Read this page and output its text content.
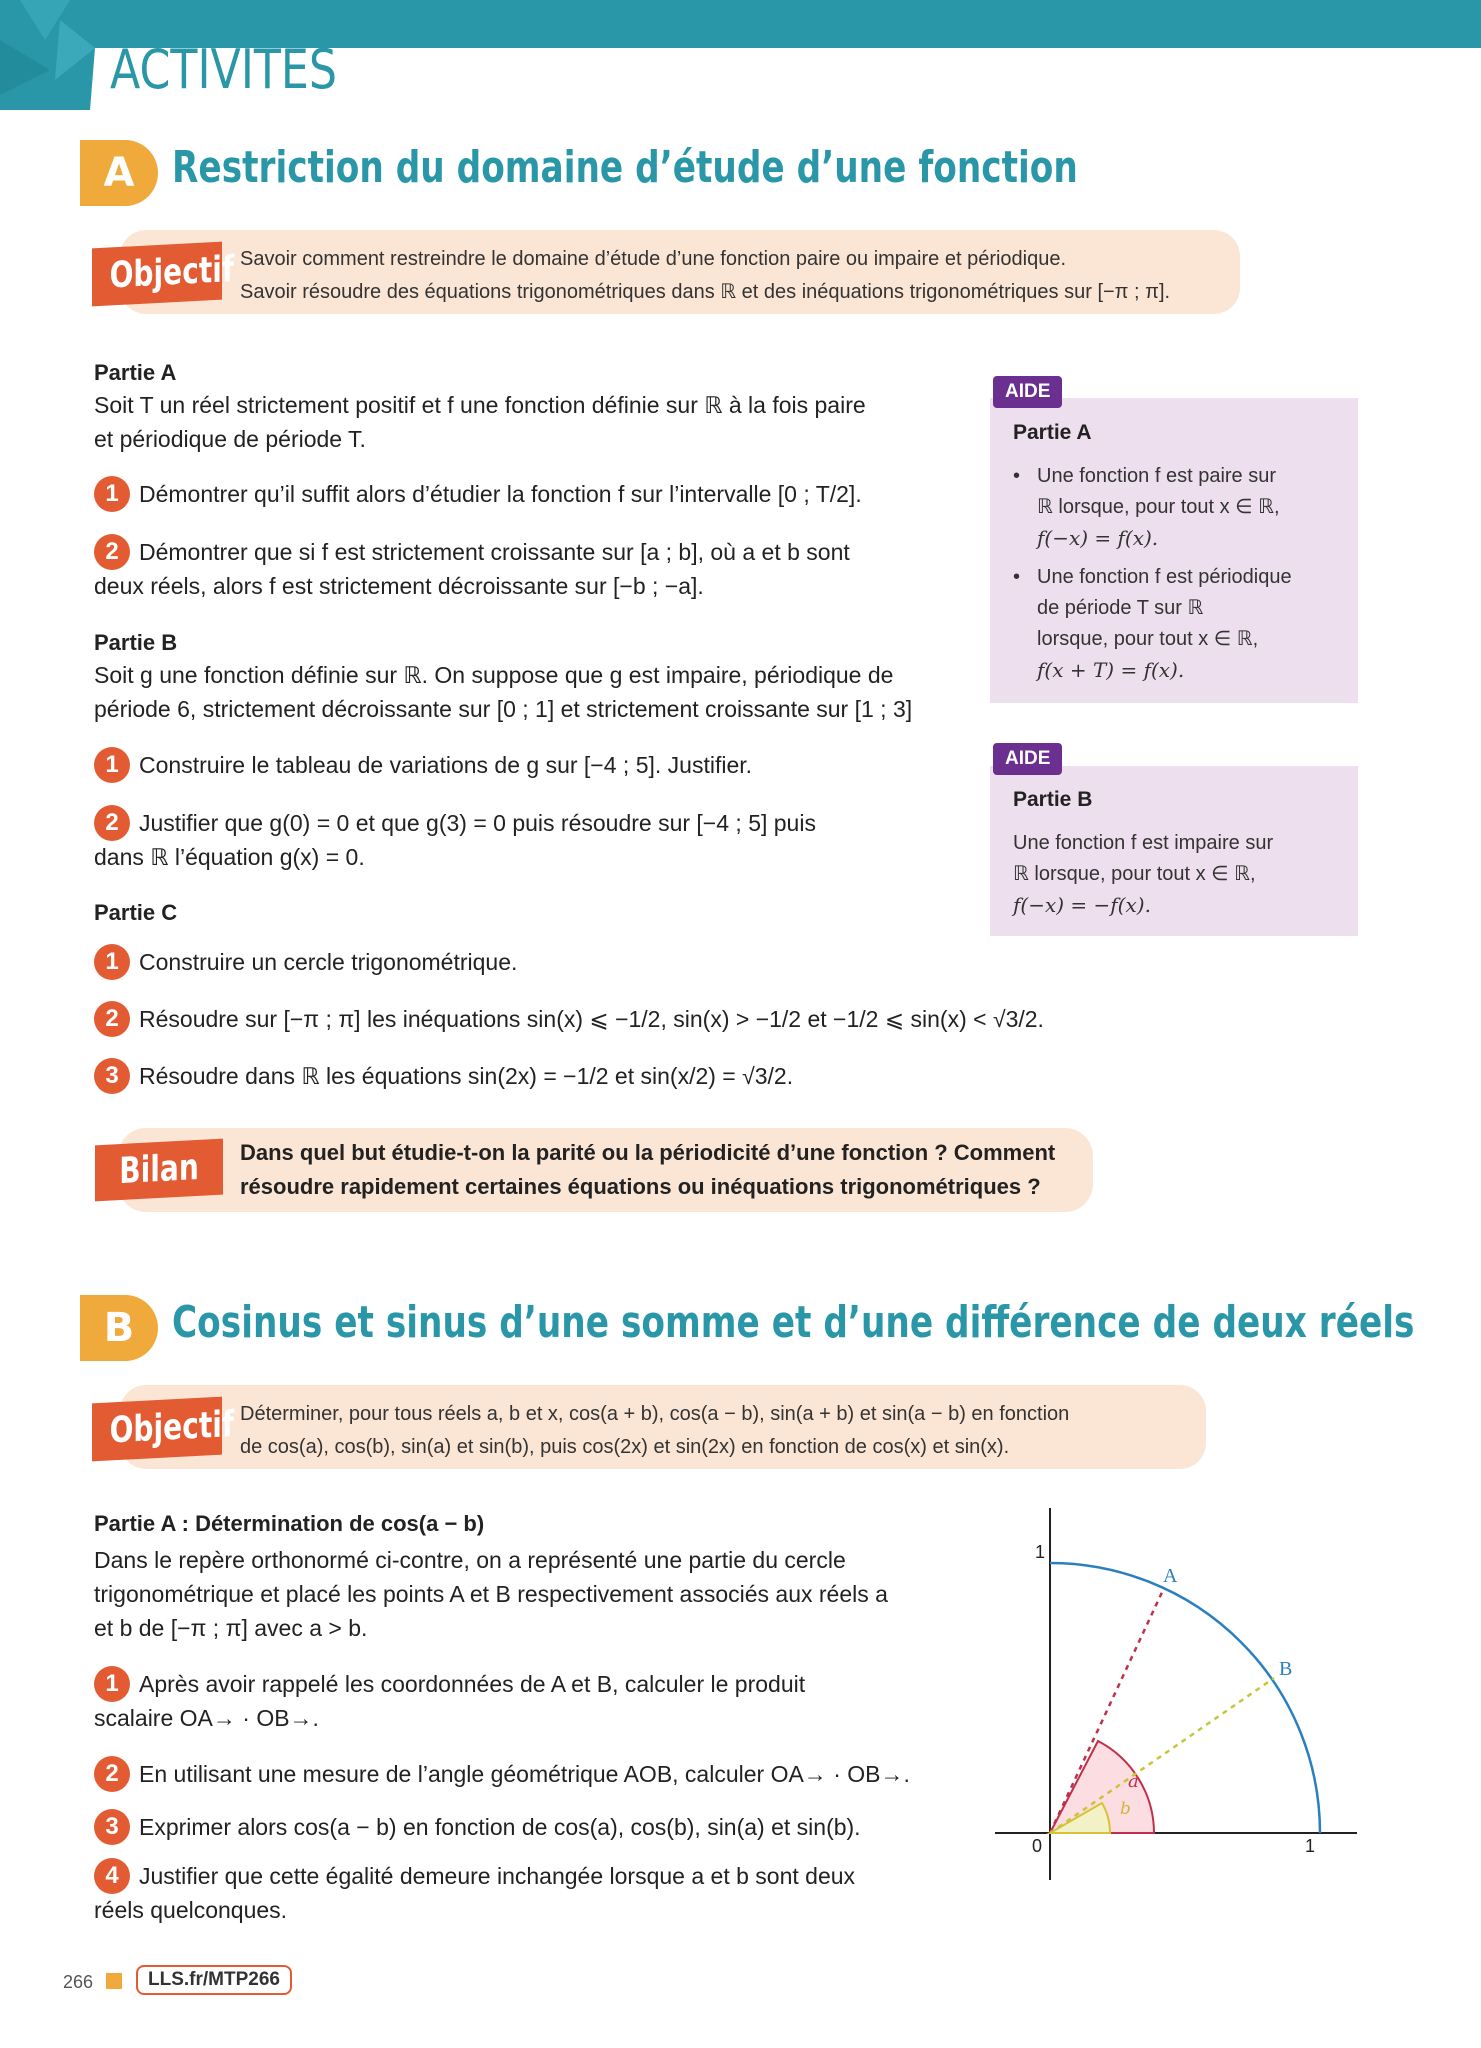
ACTIVITÉS
A Restriction du domaine d’étude d’une fonction
Objectif Savoir comment restreindre le domaine d’étude d’une fonction paire ou impaire et périodique.
Savoir résoudre des équations trigonométriques dans ℝ et des inéquations trigonométriques sur [−π ; π].
Partie A
Soit T un réel strictement positif et f une fonction définie sur ℝ à la fois paire
et périodique de période T.
1 Démontrer qu’il suffit alors d’étudier la fonction f sur l’intervalle [0 ; T/2].
2 Démontrer que si f est strictement croissante sur [a ; b], où a et b sont
deux réels, alors f est strictement décroissante sur [−b ; −a].
Partie B
Soit g une fonction définie sur ℝ. On suppose que g est impaire, périodique de
période 6, strictement décroissante sur [0 ; 1] et strictement croissante sur [1 ; 3]
1 Construire le tableau de variations de g sur [−4 ; 5]. Justifier.
2 Justifier que g(0) = 0 et que g(3) = 0 puis résoudre sur [−4 ; 5] puis
dans ℝ l’équation g(x) = 0.
Partie C
1 Construire un cercle trigonométrique.
2 Résoudre sur [−π ; π] les inéquations sin(x) ⩽ −1/2, sin(x) > −1/2 et −1/2 ⩽ sin(x) < √3/2.
3 Résoudre dans ℝ les équations sin(2x) = −1/2 et sin(x/2) = √3/2.
AIDE
Partie A
• Une fonction f est paire sur
ℝ lorsque, pour tout x ∈ ℝ,
f(−x) = f(x).
• Une fonction f est périodique
de période T sur ℝ
lorsque, pour tout x ∈ ℝ,
f(x + T) = f(x).
AIDE
Partie B
Une fonction f est impaire sur
ℝ lorsque, pour tout x ∈ ℝ,
f(−x) = −f(x).
Bilan	Dans quel but étudie-t-on la parité ou la périodicité d’une fonction ? Comment
résoudre rapidement certaines équations ou inéquations trigonométriques ?
B Cosinus et sinus d’une somme et d’une différence de deux réels
Objectif Déterminer, pour tous réels a, b et x, cos(a + b), cos(a − b), sin(a + b) et sin(a − b) en fonction
de cos(a), cos(b), sin(a) et sin(b), puis cos(2x) et sin(2x) en fonction de cos(x) et sin(x).
Partie A : Détermination de cos(a − b)
Dans le repère orthonormé ci-contre, on a représenté une partie du cercle
trigonométrique et placé les points A et B respectivement associés aux réels a
et b de [−π ; π] avec a > b.
1 Après avoir rappelé les coordonnées de A et B, calculer le produit
scalaire OA→ · OB→.
2 En utilisant une mesure de l’angle géométrique AOB, calculer OA→ · OB→.
3 Exprimer alors cos(a − b) en fonction de cos(a), cos(b), sin(a) et sin(b).
4 Justifier que cette égalité demeure inchangée lorsque a et b sont deux
réels quelconques.
1
1
0
A
B
a
b
266	LLS.fr/MTP266
